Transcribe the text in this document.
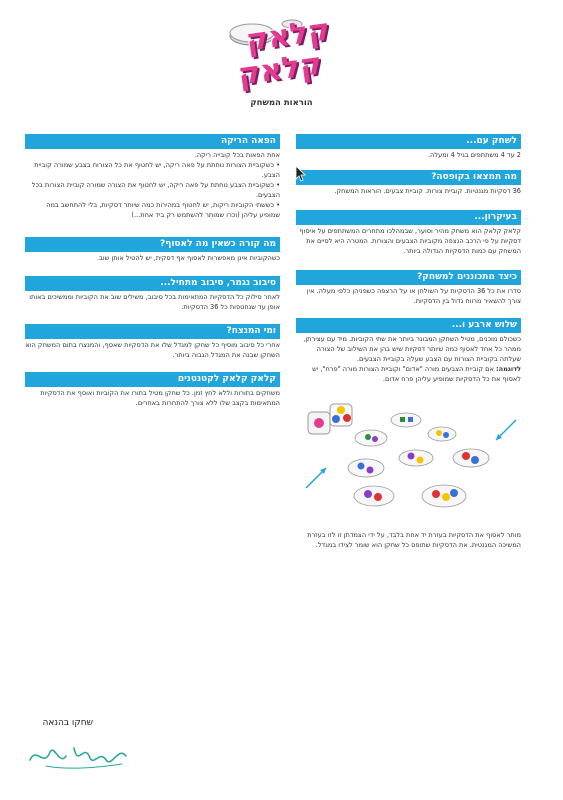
קלאק
קלאק
הוראות המשחק
לשחק עם...
2 עד 4 משתתפים בגיל 4 ומעלה.
מה תמצאו בקופסה?
36 דסקיות מגנטיות. קוביית צורות. קוביית צבעים. הוראות המשחק.
בעיקרון...
קלאק קלאק הוא משחק מהיר וסוער, שבמהלכו מתחרים המשתתפים על איסוף דסקיות על פי הרכב הנצפה מקוביות הצבעים והצורות. המטרה היא לסיים את המשחק עם כמות הדסקיות הגדולה ביותר.
כיצד מתכוננים למשחק?
סדרו את כל 36 הדסקיות על השולחן או על הרצפה כשפניהן כלפי מעלה. אין צורך להשאיר מרווח גדול בין הדסקיות.
שלוש ארבע ו...

כשכולם מוכנים, מטיל השחקן המבוגר ביותר את שתי הקוביות. מיד עם עצירתן, ממהר כל אחד לאסוף כמה שיותר דסקיות שיש בהן את השילוב של הצורה שעלתה בקוביית הצורות עם הצבע שעלה בקוביית הצבעים.

לדוגמה: אם קוביית הצבעים מורה "אדום" וקוביית הצורות מורה "פרח", יש לאסוף את כל הדסקיות שמופיע עליהן פרח אדום.

מותר לאסוף את הדסקיות בעזרת יד אחת בלבד, על ידי הצמדתן זו לזו בעזרת המשיכה המגנטית. את הדסקיות שתופס כל שחקן הוא שומר לצידו במגדל.
הפאה הריקה

אחת הפאות בכל קובייה ריקה.

• כשקוביית הצורות נוחתת על פאה ריקה, יש לחטוף את כל הצורות בצבע שמורה קוביית הצבע.

• כשקוביית הצבע נוחתת על פאה ריקה, יש לחטוף את הצורה שמורה קוביית הצורות בכל הצבעים.

• כששתי הקוביות ריקות, יש לחטוף במהירות כמה שיותר דסקיות, בלי להתחשב במה שמופיע עליהן (וכרו שמותר להשתמש רק ביד אחת...)

מה קורה כשאין מה לאסוף?
כשהקוביות אינן מאפשרות לאסוף אף דסקית, יש להטיל אותן שוב.
סיבוב נגמר, סיבוב מתחיל...
לאחר סילוק כל הדסקיות המתאימות בכל סיבוב, משילים שוב את הקוביות וממשיכים באותו אופן עד שנחטפות כל 36 הדסקיות.
ומי המנצח?
אחרי כל סיבוב מוסיף כל שחקן למגדל שלו את הדסקיות שאסף, והמנצח בתום המשחק הוא השחקן שבנה את המגדל הגבוה ביותר.
קלאק קלאק לקטנטנים
משחקים בתורות וללא לחץ זמן. כל שחקן מטיל בתורו את הקוביות ואוסף את הדסקיות המתאימות בקצב שלו ללא צורך להתחרות באחרים.
שחקו בהנאה
